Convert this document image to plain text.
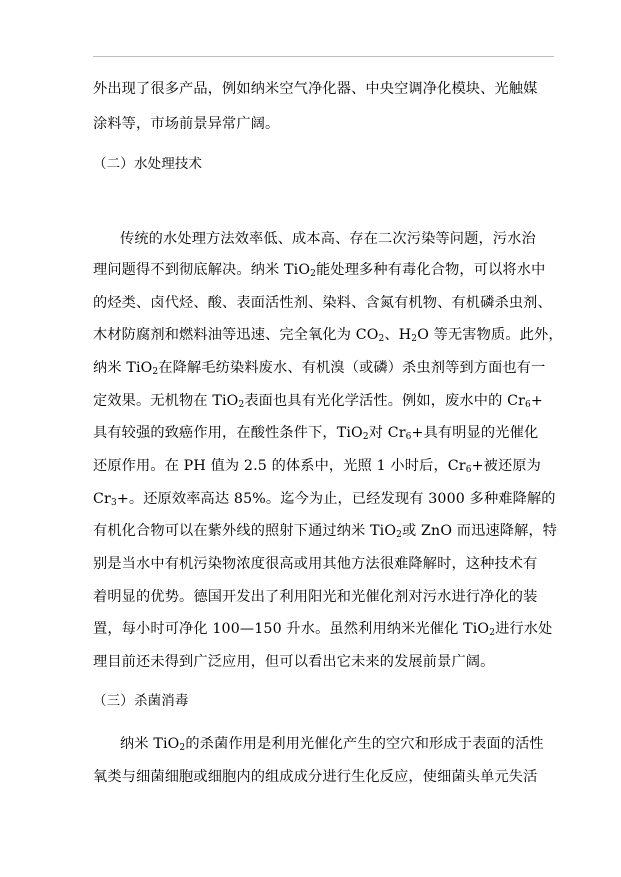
外出现了很多产品，例如纳米空气净化器、中央空调净化模块、光触媒
涂料等，市场前景异常广阔。
（二）水处理技术
传统的水处理方法效率低、成本高、存在二次污染等问题，污水治
理问题得不到彻底解决。纳米 TiO$_2$能处理多种有毒化合物，可以将水中
的烃类、卤代烃、酸、表面活性剂、染料、含氮有机物、有机磷杀虫剂、
木材防腐剂和燃料油等迅速、完全氧化为 $CO_2$、$H_2O$ 等无害物质。此外，
纳米 TiO$_2$在降解毛纺染料废水、有机溴（或磷）杀虫剂等到方面也有一
定效果。无机物在 TiO$_2$表面也具有光化学活性。例如，废水中的 $Cr_6+$
具有较强的致癌作用，在酸性条件下，TiO$_2$对 $Cr_6+$具有明显的光催化
还原作用。在 PH 值为 2.5 的体系中，光照 1 小时后，$Cr_6+$被还原为
$Cr_3+$。还原效率高达 85%。迄今为止，已经发现有 3000 多种难降解的
有机化合物可以在紫外线的照射下通过纳米 TiO$_2$或 ZnO 而迅速降解，特
别是当水中有机污染物浓度很高或用其他方法很难降解时，这种技术有
着明显的优势。德国开发出了利用阳光和光催化剂对污水进行净化的装
置，每小时可净化 100—150 升水。虽然利用纳米光催化 TiO$_2$进行水处
理目前还未得到广泛应用，但可以看出它未来的发展前景广阔。
（三）杀菌消毒
纳米 TiO$_2$的杀菌作用是利用光催化产生的空穴和形成于表面的活性
氧类与细菌细胞或细胞内的组成成分进行生化反应，使细菌头单元失活
